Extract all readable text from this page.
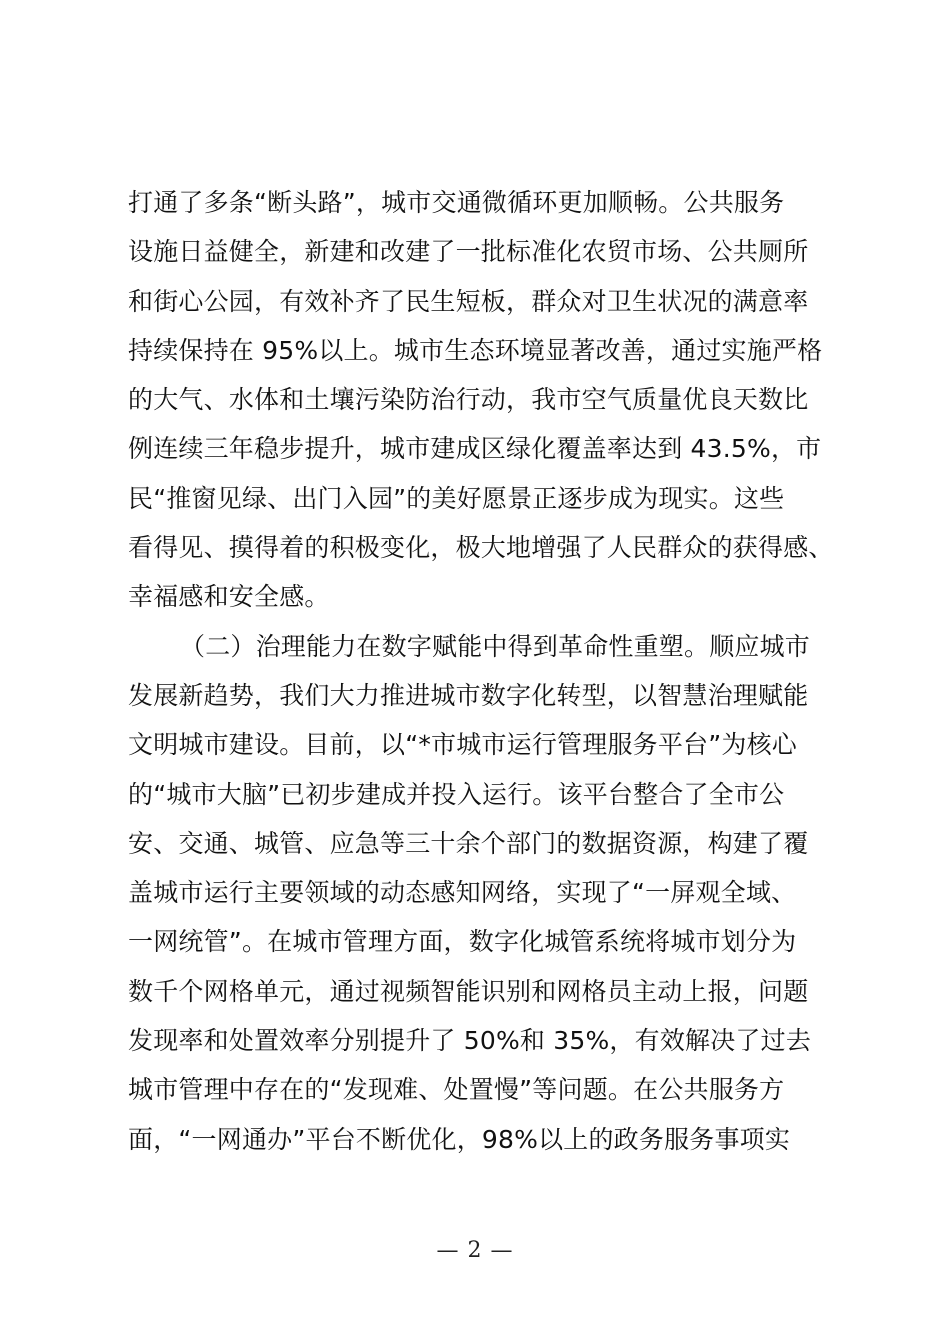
打通了多条“断头路”，城市交通微循环更加顺畅。公共服务
设施日益健全，新建和改建了一批标准化农贸市场、公共厕所
和街心公园，有效补齐了民生短板，群众对卫生状况的满意率
持续保持在 95%以上。城市生态环境显著改善，通过实施严格
的大气、水体和土壤污染防治行动，我市空气质量优良天数比
例连续三年稳步提升，城市建成区绿化覆盖率达到 43.5%，市
民“推窗见绿、出门入园”的美好愿景正逐步成为现实。这些
看得见、摸得着的积极变化，极大地增强了人民群众的获得感、
幸福感和安全感。
（二）治理能力在数字赋能中得到革命性重塑。顺应城市
发展新趋势，我们大力推进城市数字化转型，以智慧治理赋能
文明城市建设。目前，以“*市城市运行管理服务平台”为核心
的“城市大脑”已初步建成并投入运行。该平台整合了全市公
安、交通、城管、应急等三十余个部门的数据资源，构建了覆
盖城市运行主要领域的动态感知网络，实现了“一屏观全域、
一网统管”。在城市管理方面，数字化城管系统将城市划分为
数千个网格单元，通过视频智能识别和网格员主动上报，问题
发现率和处置效率分别提升了 50%和 35%，有效解决了过去
城市管理中存在的“发现难、处置慢”等问题。在公共服务方
面，“一网通办”平台不断优化，98%以上的政务服务事项实
— 2 —
